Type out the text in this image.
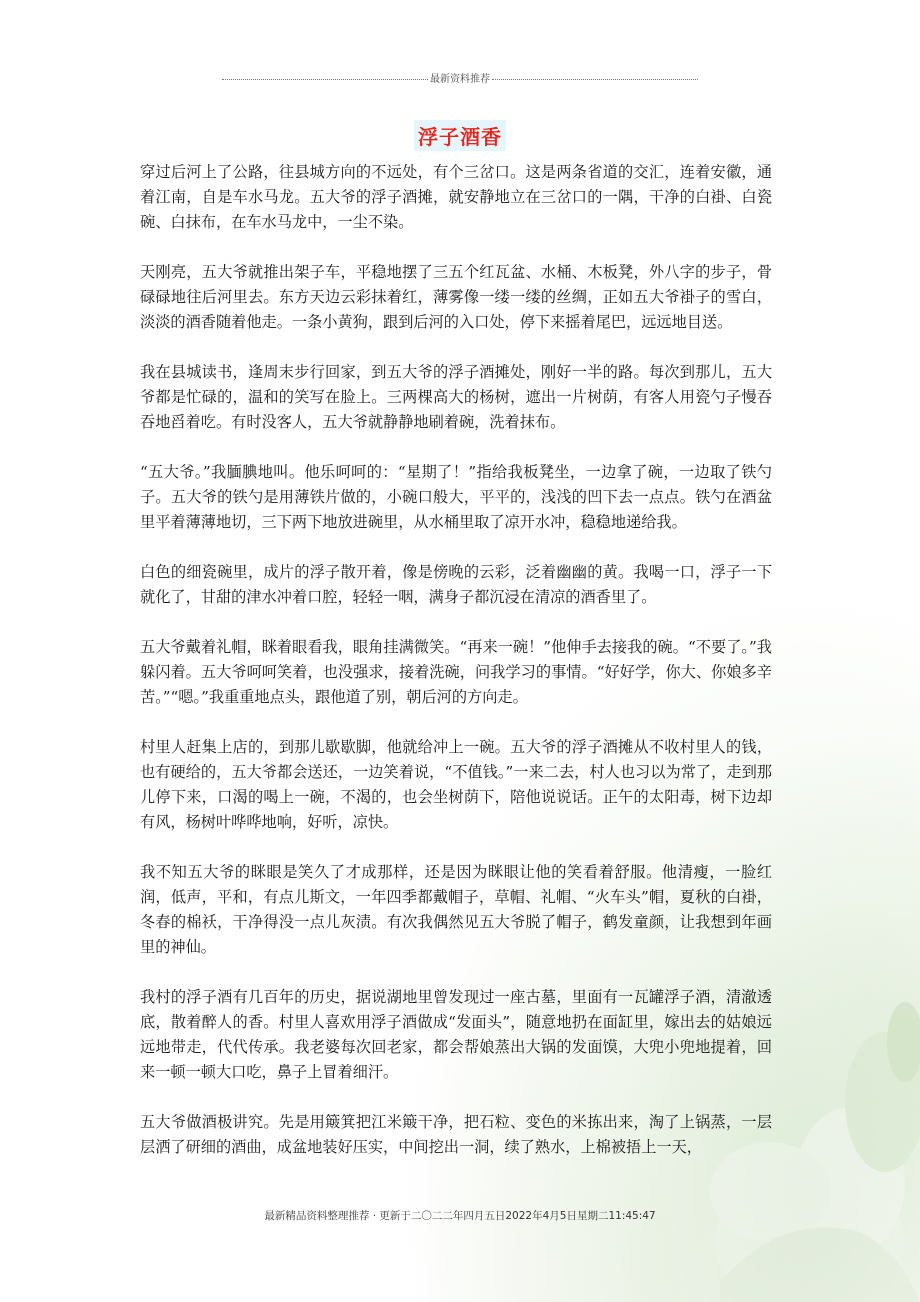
最新资料推荐
浮子酒香

穿过后河上了公路，往县城方向的不远处，有个三岔口。这是两条省道的交汇，连着安徽，通着江南，自是车水马龙。五大爷的浮子酒摊，就安静地立在三岔口的一隅，干净的白褂、白瓷碗、白抹布，在车水马龙中，一尘不染。

天刚亮，五大爷就推出架子车，平稳地摆了三五个红瓦盆、水桶、木板凳，外八字的步子，骨碌碌地往后河里去。东方天边云彩抹着红，薄雾像一缕一缕的丝绸，正如五大爷褂子的雪白，淡淡的酒香随着他走。一条小黄狗，跟到后河的入口处，停下来摇着尾巴，远远地目送。

我在县城读书，逢周末步行回家，到五大爷的浮子酒摊处，刚好一半的路。每次到那儿，五大爷都是忙碌的，温和的笑写在脸上。三两棵高大的杨树，遮出一片树荫，有客人用瓷勺子慢吞吞地舀着吃。有时没客人，五大爷就静静地刷着碗，洗着抹布。

“五大爷。”我腼腆地叫。他乐呵呵的：“星期了！”指给我板凳坐，一边拿了碗，一边取了铁勺子。五大爷的铁勺是用薄铁片做的，小碗口般大，平平的，浅浅的凹下去一点点。铁勺在酒盆里平着薄薄地切，三下两下地放进碗里，从水桶里取了凉开水冲，稳稳地递给我。

白色的细瓷碗里，成片的浮子散开着，像是傍晚的云彩，泛着幽幽的黄。我喝一口，浮子一下就化了，甘甜的津水冲着口腔，轻轻一咽，满身子都沉浸在清凉的酒香里了。

五大爷戴着礼帽，眯着眼看我，眼角挂满微笑。“再来一碗！”他伸手去接我的碗。“不要了。”我躲闪着。五大爷呵呵笑着，也没强求，接着洗碗，问我学习的事情。“好好学，你大、你娘多辛苦。”“嗯。”我重重地点头，跟他道了别，朝后河的方向走。

村里人赶集上店的，到那儿歇歇脚，他就给冲上一碗。五大爷的浮子酒摊从不收村里人的钱，也有硬给的，五大爷都会送还，一边笑着说，“不值钱。”一来二去，村人也习以为常了，走到那儿停下来，口渴的喝上一碗，不渴的，也会坐树荫下，陪他说说话。正午的太阳毒，树下边却有风，杨树叶哗哗地响，好听，凉快。

我不知五大爷的眯眼是笑久了才成那样，还是因为眯眼让他的笑看着舒服。他清瘦，一脸红润，低声，平和，有点儿斯文，一年四季都戴帽子，草帽、礼帽、“火车头”帽，夏秋的白褂，冬春的棉袄，干净得没一点儿灰渍。有次我偶然见五大爷脱了帽子，鹤发童颜，让我想到年画里的神仙。

我村的浮子酒有几百年的历史，据说湖地里曾发现过一座古墓，里面有一瓦罐浮子酒，清澈透底，散着醉人的香。村里人喜欢用浮子酒做成“发面头”，随意地扔在面缸里，嫁出去的姑娘远远地带走，代代传承。我老婆每次回老家，都会帮娘蒸出大锅的发面馍，大兜小兜地提着，回来一顿一顿大口吃，鼻子上冒着细汗。

五大爷做酒极讲究。先是用簸箕把江米簸干净，把石粒、变色的米拣出来，淘了上锅蒸，一层层洒了研细的酒曲，成盆地装好压实，中间挖出一洞，续了熟水，上棉被捂上一天，

最新精品资料整理推荐 · 更新于二〇二二年四月五日2022年4月5日星期二11:45:47
